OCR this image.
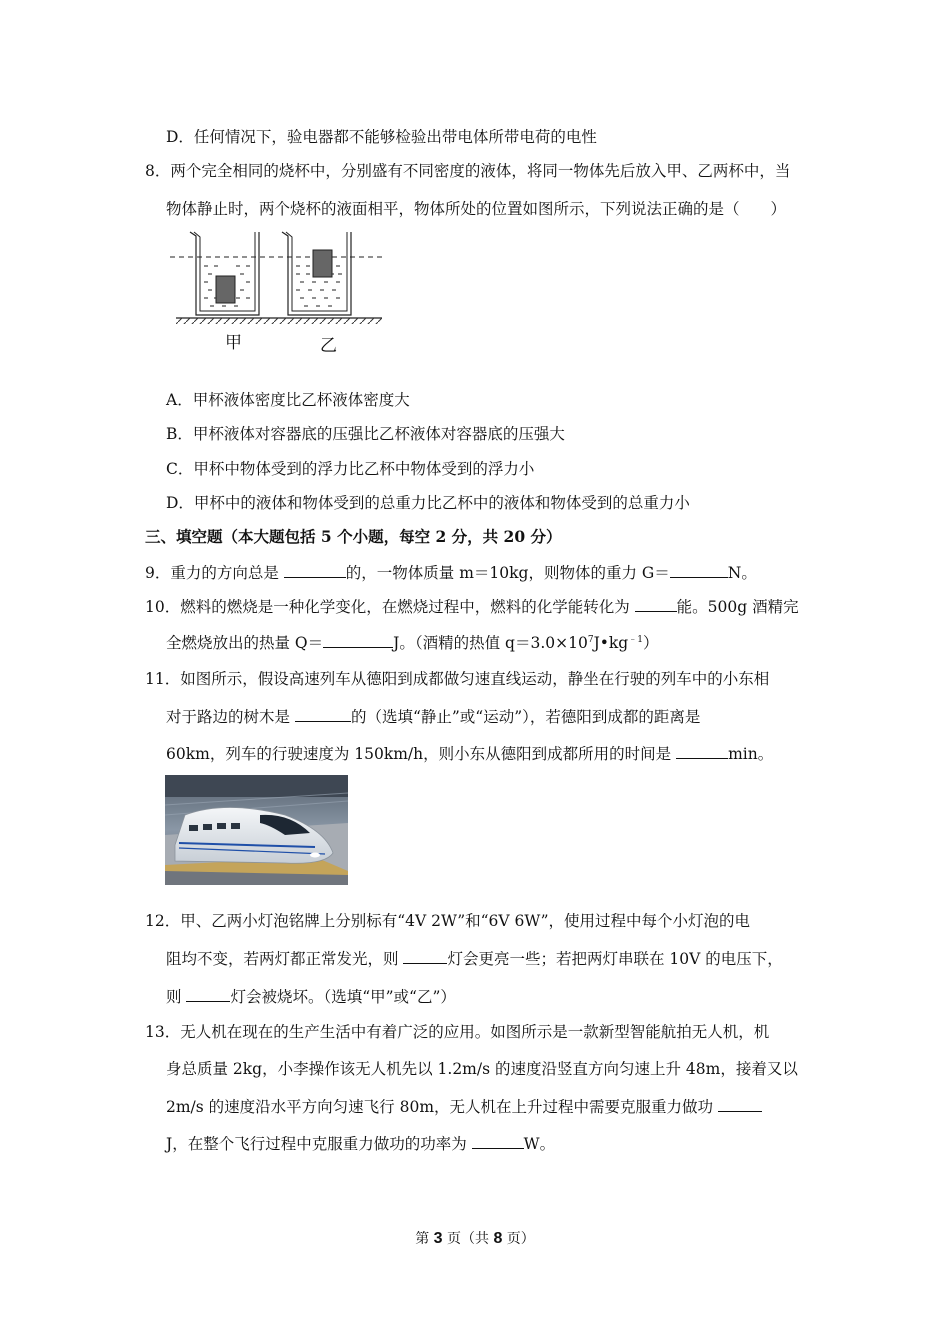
D．任何情况下，验电器都不能够检验出带电体所带电荷的电性
8．两个完全相同的烧杯中，分别盛有不同密度的液体，将同一物体先后放入甲、乙两杯中，当
物体静止时，两个烧杯的液面相平，物体所处的位置如图所示，下列说法正确的是（　　）
甲	乙
A．甲杯液体密度比乙杯液体密度大
B．甲杯液体对容器底的压强比乙杯液体对容器底的压强大
C．甲杯中物体受到的浮力比乙杯中物体受到的浮力小
D．甲杯中的液体和物体受到的总重力比乙杯中的液体和物体受到的总重力小
三、填空题（本大题包括 5 个小题，每空 2 分，共 20 分）
9．重力的方向总是	的，一物体质量 m＝10kg，则物体的重力 G＝	N。
10．燃料的燃烧是一种化学变化，在燃烧过程中，燃料的化学能转化为	能。500g 酒精完
全燃烧放出的热量 Q＝	J。（酒精的热值 $q=3.0\times 10^7J•kg^{﹣1}$）
11．如图所示，假设高速列车从德阳到成都做匀速直线运动，静坐在行驶的列车中的小东相
对于路边的树木是	的（选填“静止”或“运动”），若德阳到成都的距离是
60km，列车的行驶速度为 150km/h，则小东从德阳到成都所用的时间是	min。
12．甲、乙两小灯泡铭牌上分别标有“4V 2W”和“6V 6W”，使用过程中每个小灯泡的电
阻均不变，若两灯都正常发光，则	灯会更亮一些；若把两灯串联在 10V 的电压下，
则	灯会被烧坏。（选填“甲”或“乙”）
13．无人机在现在的生产生活中有着广泛的应用。如图所示是一款新型智能航拍无人机，机
身总质量 2kg，小李操作该无人机先以 1.2m/s 的速度沿竖直方向匀速上升 48m，接着又以
2m/s 的速度沿水平方向匀速飞行 80m，无人机在上升过程中需要克服重力做功
J，在整个飞行过程中克服重力做功的功率为	W。
第 3 页（共 8 页）
